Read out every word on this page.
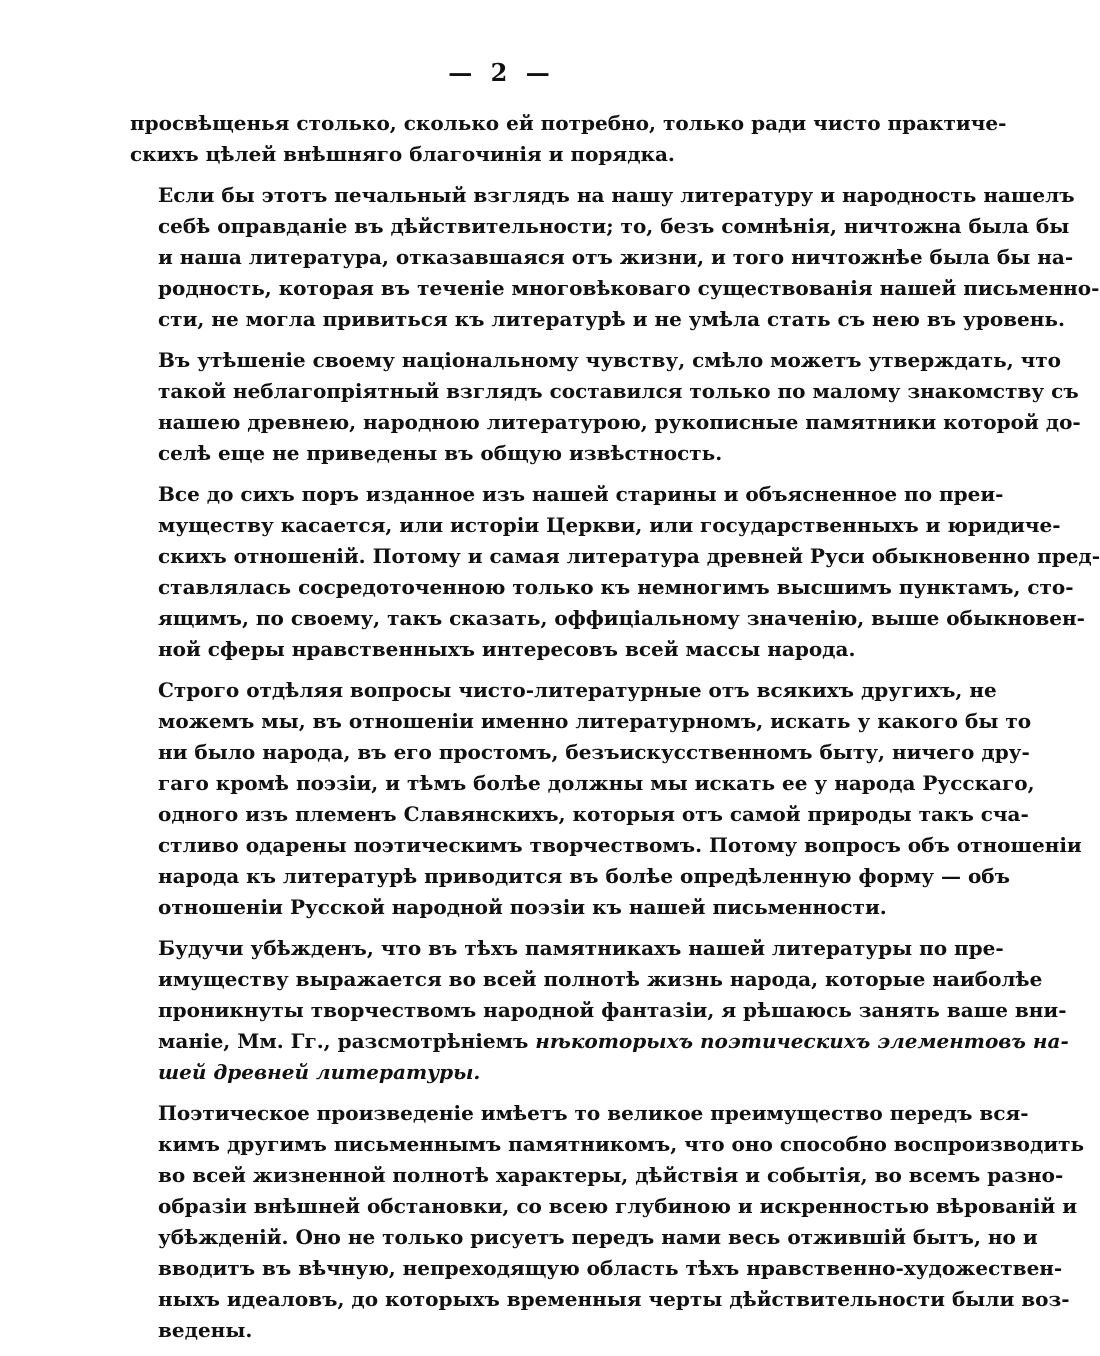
— 2 —

просвѣщенья столько, сколько ей потребно, только ради чисто практиче-
скихъ цѣлей внѣшняго благочинія и порядка.

Если бы этотъ печальный взглядъ на нашу литературу и народность нашелъ
себѣ оправданіе въ дѣйствительности; то, безъ сомнѣнія, ничтожна была бы
и наша литература, отказавшаяся отъ жизни, и того ничтожнѣе была бы на-
родность, которая въ теченіе многовѣковаго существованія нашей письменно-
сти, не могла привиться къ литературѣ и не умѣла стать съ нею въ уровень.

Въ утѣшеніе своему національному чувству, смѣло можетъ утверждать, что
такой неблагопріятный взглядъ составился только по малому знакомству съ
нашею древнею, народною литературою, рукописные памятники которой до-
селѣ еще не приведены въ общую извѣстность.

Все до сихъ поръ изданное изъ нашей старины и объясненное по преи-
муществу касается, или исторіи Церкви, или государственныхъ и юридиче-
скихъ отношеній. Потому и самая литература древней Руси обыкновенно пред-
ставлялась сосредоточенною только къ немногимъ высшимъ пунктамъ, сто-
ящимъ, по своему, такъ сказать, оффиціальному значенію, выше обыкновен-
ной сферы нравственныхъ интересовъ всей массы народа.

Строго отдѣляя вопросы чисто-литературные отъ всякихъ другихъ, не
можемъ мы, въ отношеніи именно литературномъ, искать у какого бы то
ни было народа, въ его простомъ, безъискусственномъ быту, ничего дру-
гаго кромѣ поэзіи, и тѣмъ болѣе должны мы искать ее у народа Русскаго,
одного изъ племенъ Славянскихъ, которыя отъ самой природы такъ сча-
стливо одарены поэтическимъ творчествомъ. Потому вопросъ объ отношеніи
народа къ литературѣ приводится въ болѣе опредѣленную форму — объ
отношеніи Русской народной поэзіи къ нашей письменности.

Будучи убѣжденъ, что въ тѣхъ памятникахъ нашей литературы по пре-
имуществу выражается во всей полнотѣ жизнь народа, которые наиболѣе
проникнуты творчествомъ народной фантазіи, я рѣшаюсь занять ваше вни-
маніе, Мм. Гг., разсмотрѣніемъ нѣкоторыхъ поэтическихъ элементовъ на-
шей древней литературы.

Поэтическое произведеніе имѣетъ то великое преимущество передъ вся-
кимъ другимъ письменнымъ памятникомъ, что оно способно воспроизводить
во всей жизненной полнотѣ характеры, дѣйствія и событія, во всемъ разно-
образіи внѣшней обстановки, со всею глубиною и искренностью вѣрованій и
убѣжденій. Оно не только рисуетъ передъ нами весь отжившій бытъ, но и
вводитъ въ вѣчную, непреходящую область тѣхъ нравственно-художествен-
ныхъ идеаловъ, до которыхъ временныя черты дѣйствительности были воз-
ведены.
